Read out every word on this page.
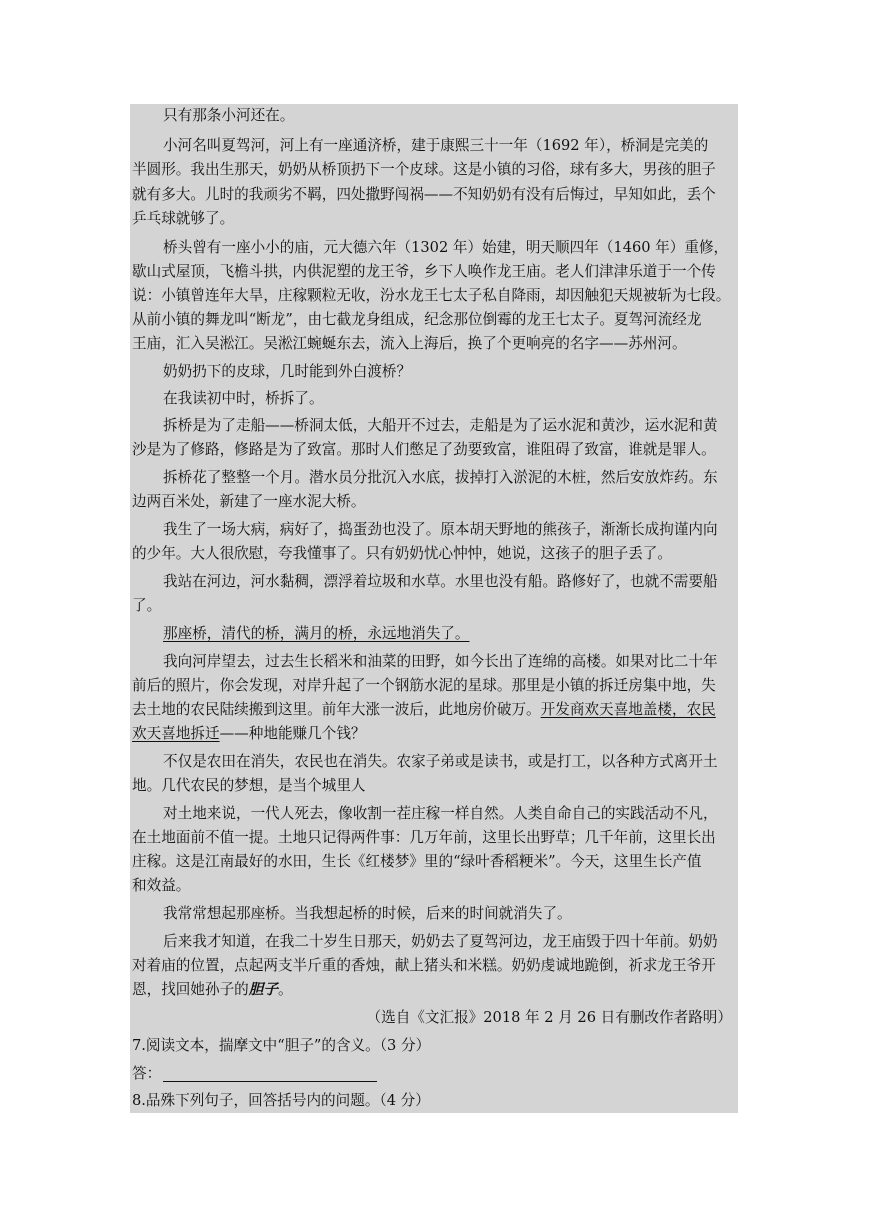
只有那条小河还在。
小河名叫夏驾河，河上有一座通济桥，建于康熙三十一年（1692 年），桥洞是完美的
半圆形。我出生那天，奶奶从桥顶扔下一个皮球。这是小镇的习俗，球有多大，男孩的胆子
就有多大。儿时的我顽劣不羁，四处撒野闯祸——不知奶奶有没有后悔过，早知如此，丢个
乒乓球就够了。
桥头曾有一座小小的庙，元大德六年（1302 年）始建，明天顺四年（1460 年）重修，
歇山式屋顶，飞檐斗拱，内供泥塑的龙王爷，乡下人唤作龙王庙。老人们津津乐道于一个传
说：小镇曾连年大旱，庄稼颗粒无收，汾水龙王七太子私自降雨，却因触犯天规被斩为七段。
从前小镇的舞龙叫“断龙”，由七截龙身组成，纪念那位倒霉的龙王七太子。夏驾河流经龙
王庙，汇入吴淞江。吴淞江蜿蜒东去，流入上海后，换了个更响亮的名字——苏州河。
奶奶扔下的皮球，几时能到外白渡桥？
在我读初中时，桥拆了。
拆桥是为了走船——桥洞太低，大船开不过去，走船是为了运水泥和黄沙，运水泥和黄
沙是为了修路，修路是为了致富。那时人们憋足了劲要致富，谁阻碍了致富，谁就是罪人。
拆桥花了整整一个月。潜水员分批沉入水底，拔掉打入淤泥的木桩，然后安放炸药。东
边两百米处，新建了一座水泥大桥。
我生了一场大病，病好了，捣蛋劲也没了。原本胡天野地的熊孩子，渐渐长成拘谨内向
的少年。大人很欣慰，夸我懂事了。只有奶奶忧心忡忡，她说，这孩子的胆子丢了。
我站在河边，河水黏稠，漂浮着垃圾和水草。水里也没有船。路修好了，也就不需要船
了。
那座桥，清代的桥，满月的桥，永远地消失了。
我向河岸望去，过去生长稻米和油菜的田野，如今长出了连绵的高楼。如果对比二十年
前后的照片，你会发现，对岸升起了一个钢筋水泥的星球。那里是小镇的拆迁房集中地，失
去土地的农民陆续搬到这里。前年大涨一波后，此地房价破万。开发商欢天喜地盖楼，农民
欢天喜地拆迁——种地能赚几个钱？
不仅是农田在消失，农民也在消失。农家子弟或是读书，或是打工，以各种方式离开土
地。几代农民的梦想，是当个城里人
对土地来说，一代人死去，像收割一茬庄稼一样自然。人类自命自己的实践活动不凡，
在土地面前不值一提。土地只记得两件事：几万年前，这里长出野草；几千年前，这里长出
庄稼。这是江南最好的水田，生长《红楼梦》里的“绿叶香稻粳米”。今天，这里生长产值
和效益。
我常常想起那座桥。当我想起桥的时候，后来的时间就消失了。
后来我才知道，在我二十岁生日那天，奶奶去了夏驾河边，龙王庙毁于四十年前。奶奶
对着庙的位置，点起两支半斤重的香烛，献上猪头和米糕。奶奶虔诚地跪倒，祈求龙王爷开
恩，找回她孙子的胆子。
（选自《文汇报》2018 年 2 月 26 日有删改作者路明）
7.阅读文本，揣摩文中“胆子”的含义。（3 分）
答：
8.品殊下列句子，回答括号内的问题。（4 分）
